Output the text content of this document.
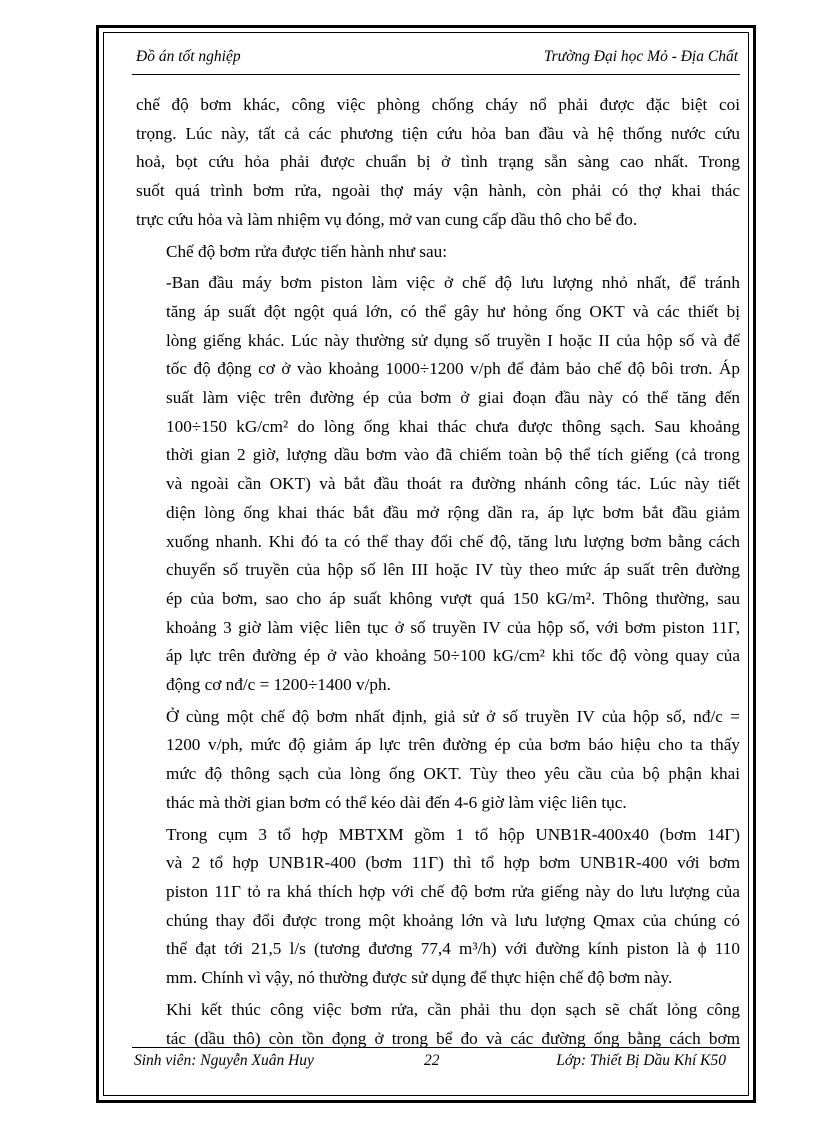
Đồ án tốt nghiệp	Trường Đại học Mỏ - Địa Chất

chế độ bơm khác, công việc phòng chống cháy nổ phải được đặc biệt coi
trọng. Lúc này, tất cả các phương tiện cứu hỏa ban đầu và hệ thống nước cứu
hoả, bọt cứu hỏa phải được chuẩn bị ở tình trạng sẵn sàng cao nhất. Trong
suốt quá trình bơm rửa, ngoài thợ máy vận hành, còn phải có thợ khai thác
trực cứu hỏa và làm nhiệm vụ đóng, mở van cung cấp dầu thô cho bể đo.

Chế độ bơm rửa được tiến hành như sau:

-Ban đầu máy bơm piston làm việc ở chế độ lưu lượng nhỏ nhất, để tránh
tăng áp suất đột ngột quá lớn, có thể gây hư hỏng ống OKT và các thiết bị
lòng giếng khác. Lúc này thường sử dụng số truyền I hoặc II của hộp số và để
tốc độ động cơ ở vào khoảng 1000÷1200 v/ph để đảm bảo chế độ bôi trơn. Áp
suất làm việc trên đường ép của bơm ở giai đoạn đầu này có thể tăng đến
100÷150 kG/cm² do lòng ống khai thác chưa được thông sạch. Sau khoảng
thời gian 2 giờ, lượng dầu bơm vào đã chiếm toàn bộ thể tích giếng (cả trong
và ngoài cần OKT) và bắt đầu thoát ra đường nhánh công tác. Lúc này tiết
diện lòng ống khai thác bắt đầu mở rộng dần ra, áp lực bơm bắt đầu giảm
xuống nhanh. Khi đó ta có thể thay đổi chế độ, tăng lưu lượng bơm bằng cách
chuyển số truyền của hộp số lên III hoặc IV tùy theo mức áp suất trên đường
ép của bơm, sao cho áp suất không vượt quá 150 kG/m². Thông thường, sau
khoảng 3 giờ làm việc liên tục ở số truyền IV của hộp số, với bơm piston 11Г,
áp lực trên đường ép ở vào khoảng 50÷100 kG/cm² khi tốc độ vòng quay của
động cơ nđ/c = 1200÷1400 v/ph.

Ở cùng một chế độ bơm nhất định, giả sử ở số truyền IV của hộp số, nđ/c =
1200 v/ph, mức độ giảm áp lực trên đường ép của bơm báo hiệu cho ta thấy
mức độ thông sạch của lòng ống OKT. Tùy theo yêu cầu của bộ phận khai
thác mà thời gian bơm có thể kéo dài đến 4-6 giờ làm việc liên tục.

Trong cụm 3 tổ hợp MBTXM gồm 1 tổ hộp UNB1R-400x40 (bơm 14Г)
và 2 tổ hợp UNB1R-400 (bơm 11Г) thì tổ hợp bơm UNB1R-400 với bơm
piston 11Г tỏ ra khá thích hợp với chế độ bơm rửa giếng này do lưu lượng của
chúng thay đổi được trong một khoảng lớn và lưu lượng Qmax của chúng có
thể đạt tới 21,5 l/s (tương đương 77,4 m³/h) với đường kính piston là ϕ 110
mm. Chính vì vậy, nó thường được sử dụng để thực hiện chế độ bơm này.

Khi kết thúc công việc bơm rửa, cần phải thu dọn sạch sẽ chất lỏng công
tác (dầu thô) còn tồn đọng ở trong bể đo và các đường ống bằng cách bơm

Sinh viên: Nguyễn Xuân Huy	22	Lớp: Thiết Bị Dầu Khí K50
